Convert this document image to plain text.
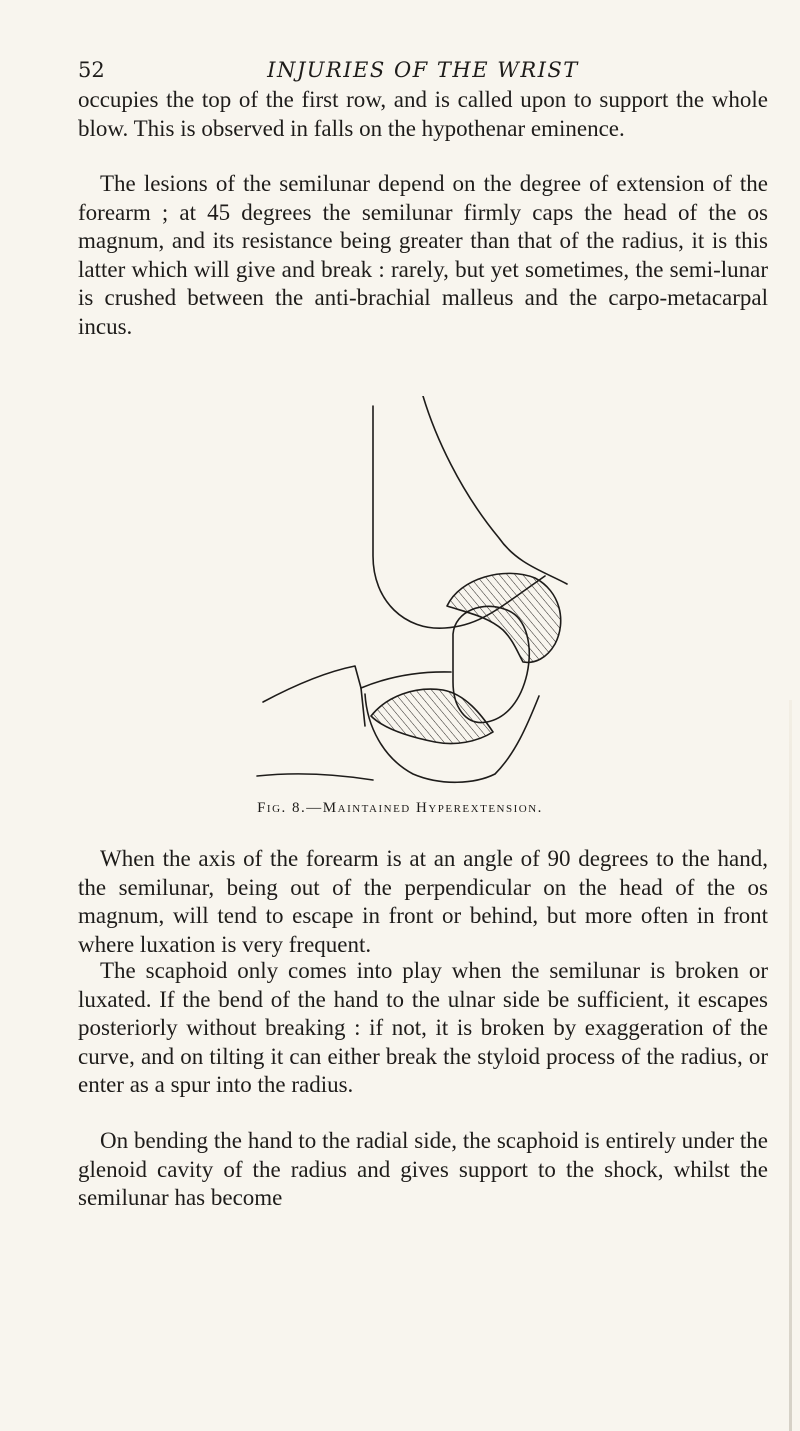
52	INJURIES OF THE WRIST

occupies the top of the first row, and is called upon to support the whole blow. This is observed in falls on the hypothenar eminence.

The lesions of the semilunar depend on the degree of extension of the forearm ; at 45 degrees the semilunar firmly caps the head of the os magnum, and its resistance being greater than that of the radius, it is this latter which will give and break : rarely, but yet sometimes, the semi-lunar is crushed between the anti-brachial malleus and the carpo-metacarpal incus.

Fig. 8.—Maintained Hyperextension.

When the axis of the forearm is at an angle of 90 degrees to the hand, the semilunar, being out of the perpendicular on the head of the os magnum, will tend to escape in front or behind, but more often in front where luxation is very frequent.

The scaphoid only comes into play when the semilunar is broken or luxated. If the bend of the hand to the ulnar side be sufficient, it escapes posteriorly without breaking : if not, it is broken by exaggeration of the curve, and on tilting it can either break the styloid process of the radius, or enter as a spur into the radius.

On bending the hand to the radial side, the scaphoid is entirely under the glenoid cavity of the radius and gives support to the shock, whilst the semilunar has become
